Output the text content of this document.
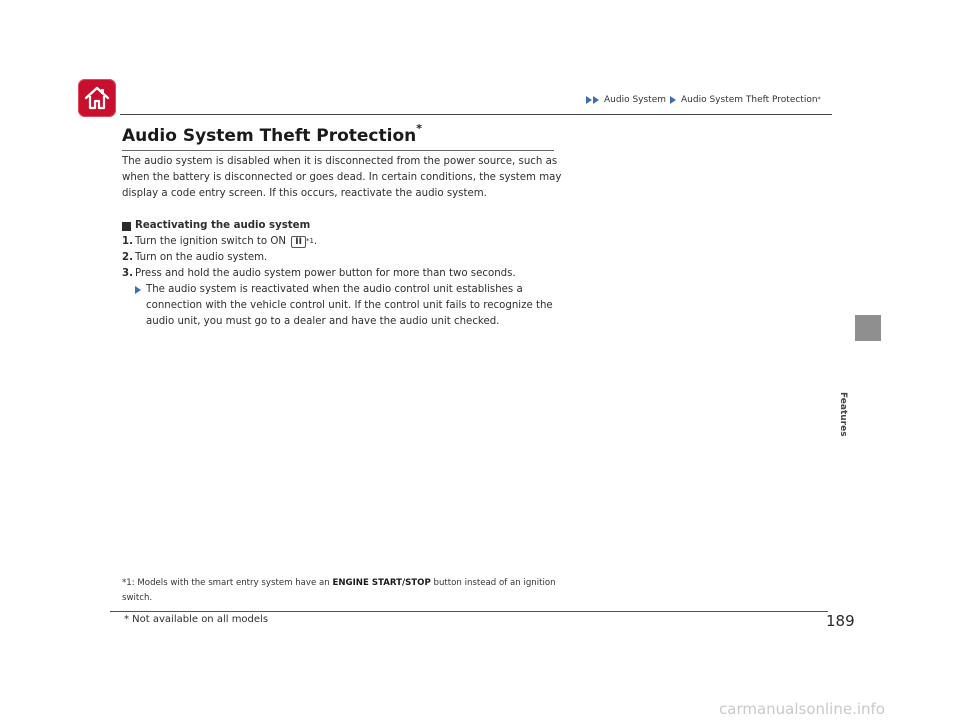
Audio System Audio System Theft Protection *
Audio System Theft Protection*

The audio system is disabled when it is disconnected from the power source, such as when the battery is disconnected or goes dead. In certain conditions, the system may display a code entry screen. If this occurs, reactivate the audio system.

Reactivating the audio system
1. Turn the ignition switch to ON II $^{*1}$.
2. Turn on the audio system.
3. Press and hold the audio system power button for more than two seconds.
The audio system is reactivated when the audio control unit establishes a connection with the vehicle control unit. If the control unit fails to recognize the audio unit, you must go to a dealer and have the audio unit checked.
*1: Models with the smart entry system have an ENGINE START/STOP button instead of an ignition switch.
* Not available on all models	189
Features
carmanualsonline.info
